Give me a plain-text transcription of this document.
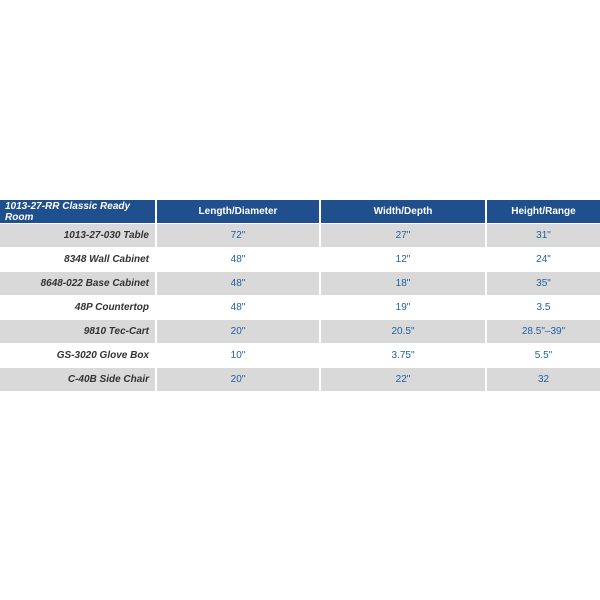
1013-27-RR Classic Ready Room	Length/Diameter	Width/Depth	Height/Range
1013-27-030 Table	72"	27"	31"
8348 Wall Cabinet	48"	12"	24"
8648-022 Base Cabinet	48"	18"	35"
48P Countertop	48"	19"	3.5
9810 Tec-Cart	20"	20.5"	28.5"–39"
GS-3020 Glove Box	10"	3.75"	5.5"
C-40B Side Chair	20"	22"	32
